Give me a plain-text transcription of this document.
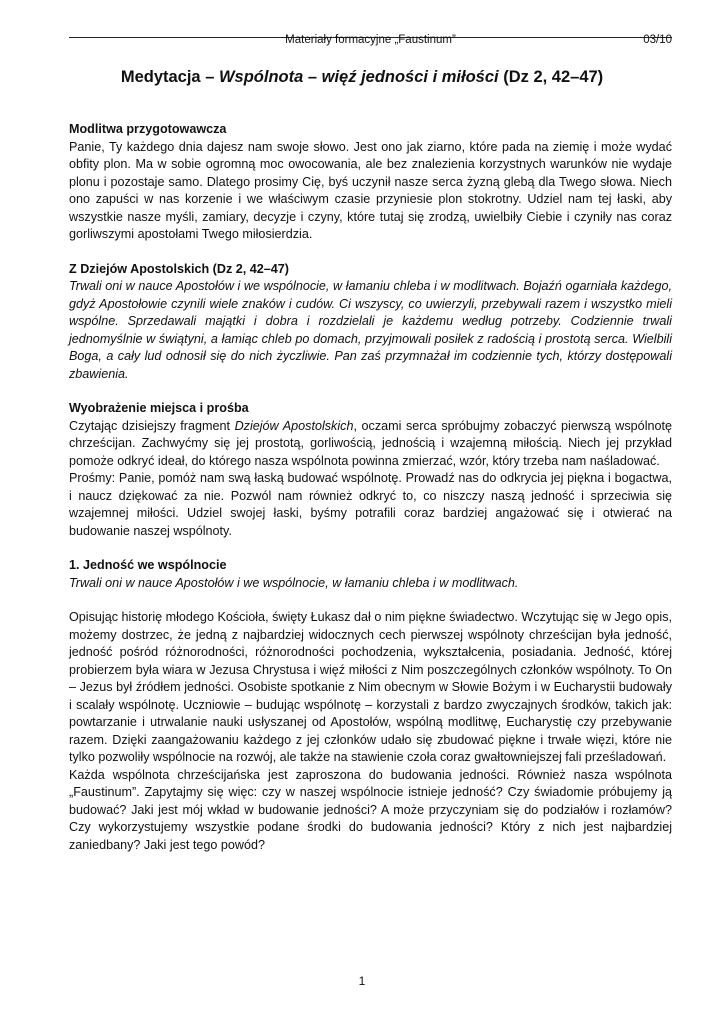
Materiały formacyjne „Faustinum”	03/10
Medytacja – Wspólnota – więź jedności i miłości (Dz 2, 42–47)

Modlitwa przygotowawcza

Panie, Ty każdego dnia dajesz nam swoje słowo. Jest ono jak ziarno, które pada na ziemię i może wydać obfity plon. Ma w sobie ogromną moc owocowania, ale bez znalezienia korzystnych warunków nie wydaje plonu i pozostaje samo. Dlatego prosimy Cię, byś uczynił nasze serca żyzną glebą dla Twego słowa. Niech ono zapuści w nas korzenie i we właściwym czasie przyniesie plon stokrotny. Udziel nam tej łaski, aby wszystkie nasze myśli, zamiary, decyzje i czyny, które tutaj się zrodzą, uwielbiły Ciebie i czyniły nas coraz gorliwszymi apostołami Twego miłosierdzia.

Z Dziejów Apostolskich (Dz 2, 42–47)

Trwali oni w nauce Apostołów i we wspólnocie, w łamaniu chleba i w modlitwach. Bojaźń ogarniała każdego, gdyż Apostołowie czynili wiele znaków i cudów. Ci wszyscy, co uwierzyli, przebywali razem i wszystko mieli wspólne. Sprzedawali majątki i dobra i rozdzielali je każdemu według potrzeby. Codziennie trwali jednomyślnie w świątyni, a łamiąc chleb po domach, przyjmowali posiłek z radością i prostotą serca. Wielbili Boga, a cały lud odnosił się do nich życzliwie. Pan zaś przymnażał im codziennie tych, którzy dostępowali zbawienia.

Wyobrażenie miejsca i prośba

Czytając dzisiejszy fragment Dziejów Apostolskich, oczami serca spróbujmy zobaczyć pierwszą wspólnotę chrześcijan. Zachwyćmy się jej prostotą, gorliwością, jednością i wzajemną miłością. Niech jej przykład pomoże odkryć ideał, do którego nasza wspólnota powinna zmierzać, wzór, który trzeba nam naśladować.

Prośmy: Panie, pomóż nam swą łaską budować wspólnotę. Prowadź nas do odkrycia jej piękna i bogactwa, i naucz dziękować za nie. Pozwól nam również odkryć to, co niszczy naszą jedność i sprzeciwia się wzajemnej miłości. Udziel swojej łaski, byśmy potrafili coraz bardziej angażować się i otwierać na budowanie naszej wspólnoty.

1. Jedność we wspólnocie

Trwali oni w nauce Apostołów i we wspólnocie, w łamaniu chleba i w modlitwach.

Opisując historię młodego Kościoła, święty Łukasz dał o nim piękne świadectwo. Wczytując się w Jego opis, możemy dostrzec, że jedną z najbardziej widocznych cech pierwszej wspólnoty chrześcijan była jedność, jedność pośród różnorodności, różnorodności pochodzenia, wykształcenia, posiadania. Jedność, której probierzem była wiara w Jezusa Chrystusa i więź miłości z Nim poszczególnych członków wspólnoty. To On – Jezus był źródłem jedności. Osobiste spotkanie z Nim obecnym w Słowie Bożym i w Eucharystii budowały i scalały wspólnotę. Uczniowie – budując wspólnotę – korzystali z bardzo zwyczajnych środków, takich jak: powtarzanie i utrwalanie nauki usłyszanej od Apostołów, wspólną modlitwę, Eucharystię czy przebywanie razem. Dzięki zaangażowaniu każdego z jej członków udało się zbudować piękne i trwałe więzi, które nie tylko pozwoliły wspólnocie na rozwój, ale także na stawienie czoła coraz gwałtowniejszej fali prześladowań.

Każda wspólnota chrześcijańska jest zaproszona do budowania jedności. Również nasza wspólnota „Faustinum”. Zapytajmy się więc: czy w naszej wspólnocie istnieje jedność? Czy świadomie próbujemy ją budować? Jaki jest mój wkład w budowanie jedności? A może przyczyniam się do podziałów i rozłamów? Czy wykorzystujemy wszystkie podane środki do budowania jedności? Który z nich jest najbardziej zaniedbany? Jaki jest tego powód?

1
